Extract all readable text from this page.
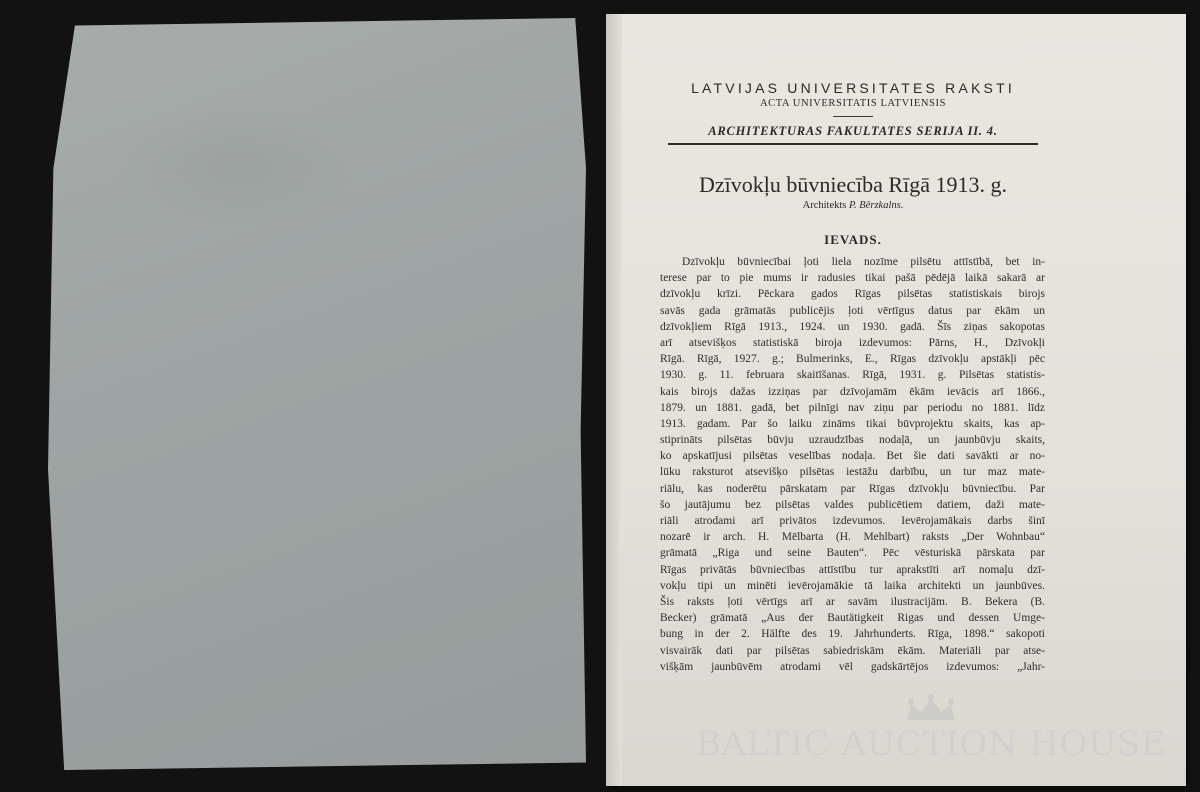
LATVIJAS UNIVERSITATES RAKSTI
ACTA UNIVERSITATIS LATVIENSIS
ARCHITEKTURAS FAKULTATES SERIJA II. 4.
Dzīvokļu būvniecība Rīgā 1913. g.
Architekts P. Bērzkalns.
IEVADS.
Dzīvokļu būvniecībai ļoti liela nozīme pilsētu attīstībā, bet in-
terese par to pie mums ir radusies tikai pašā pēdējā laikā sakarā ar
dzīvokļu krīzi. Pēckara gados Rīgas pilsētas statistiskais birojs
savās gada grāmatās publicējis ļoti vērtīgus datus par ēkām un
dzīvokļiem Rīgā 1913., 1924. un 1930. gadā. Šīs ziņas sakopotas
arī atsevišķos statistiskā biroja izdevumos: Pārns, H., Dzīvokļi
Rīgā. Rīgā, 1927. g.; Bulmerinks, E., Rīgas dzīvokļu apstākļi pēc
1930. g. 11. februara skaitīšanas. Rīgā, 1931. g. Pilsētas statistis-
kais birojs dažas izziņas par dzīvojamām ēkām ievācis arī 1866.,
1879. un 1881. gadā, bet pilnīgi nav ziņu par periodu no 1881. līdz
1913. gadam. Par šo laiku zināms tikai būvprojektu skaits, kas ap-
stiprināts pilsētas būvju uzraudzības nodaļā, un jaunbūvju skaits,
ko apskatījusi pilsētas veselības nodaļa. Bet šie dati savākti ar no-
lūku raksturot atsevišķo pilsētas iestāžu darbību, un tur maz mate-
riālu, kas noderētu pārskatam par Rīgas dzīvokļu būvniecību. Par
šo jautājumu bez pilsētas valdes publicētiem datiem, daži mate-
riāli atrodami arī privātos izdevumos. Ievērojamākais darbs šinī
nozarē ir arch. H. Mēlbarta (H. Mehlbart) raksts „Der Wohnbau“
grāmatā „Riga und seine Bauten“. Pēc vēsturiskā pārskata par
Rīgas privātās būvniecības attīstību tur aprakstīti arī nomaļu dzī-
vokļu tipi un minēti ievērojamākie tā laika architekti un jaunbūves.
Šis raksts ļoti vērtīgs arī ar savām ilustracijām. B. Bekera (B.
Becker) grāmatā „Aus der Bautätigkeit Rigas und dessen Umge-
bung in der 2. Hälfte des 19. Jahrhunderts. Rīga, 1898.“ sakopoti
visvairāk dati par pilsētas sabiedriskām ēkām. Materiāli par atse-
višķām jaunbūvēm atrodami vēl gadskārtējos izdevumos: „Jahr-
BALTIC AUCTION HOUSE
